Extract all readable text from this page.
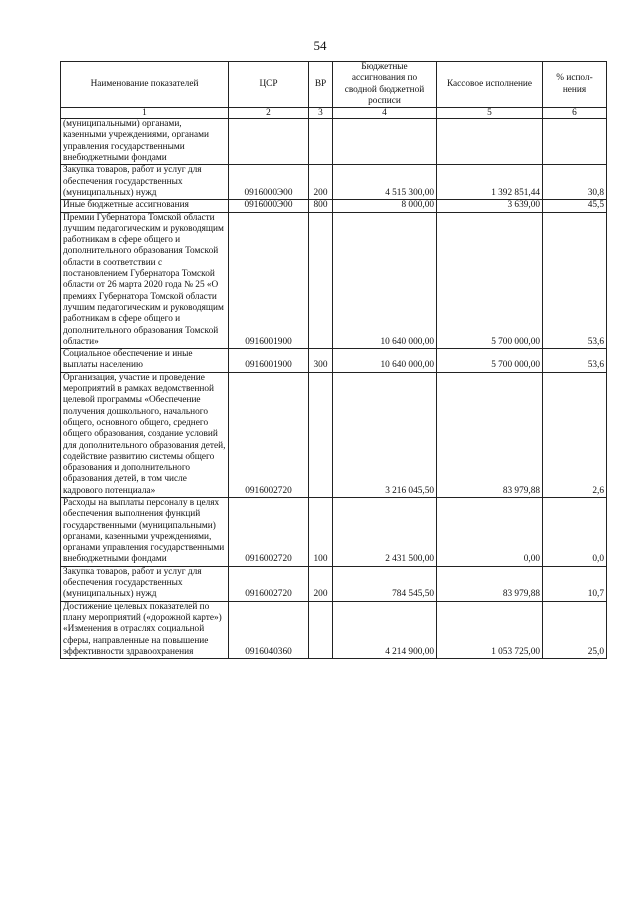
54
Наименование показателей	ЦСР	ВР	Бюджетные ассигнования по сводной бюджетной росписи	Кассовое исполнение	% испол-нения
1	2	3	4	5	6
(муниципальными) органами, казенными учреждениями, органами управления государственными внебюджетными фондами					
Закупка товаров, работ и услуг для обеспечения государственных (муниципальных) нужд	0916000Э00	200	4 515 300,00	1 392 851,44	30,8
Иные бюджетные ассигнования	0916000Э00	800	8 000,00	3 639,00	45,5
Премии Губернатора Томской области лучшим педагогическим и руководящим работникам в сфере общего и дополнительного образования Томской области в соответствии с постановлением Губернатора Томской области от 26 марта 2020 года № 25 «О премиях Губернатора Томской области лучшим педагогическим и руководящим работникам в сфере общего и дополнительного образования Томской области»	0916001900		10 640 000,00	5 700 000,00	53,6
Социальное обеспечение и иные выплаты населению	0916001900	300	10 640 000,00	5 700 000,00	53,6
Организация, участие и проведение мероприятий в рамках ведомственной целевой программы «Обеспечение получения дошкольного, начального общего, основного общего, среднего общего образования, создание условий для дополнительного образования детей, содействие развитию системы общего образования и дополнительного образования детей, в том числе кадрового потенциала»	0916002720		3 216 045,50	83 979,88	2,6
Расходы на выплаты персоналу в целях обеспечения выполнения функций государственными (муниципальными) органами, казенными учреждениями, органами управления государственными внебюджетными фондами	0916002720	100	2 431 500,00	0,00	0,0
Закупка товаров, работ и услуг для обеспечения государственных (муниципальных) нужд	0916002720	200	784 545,50	83 979,88	10,7
Достижение целевых показателей по плану мероприятий («дорожной карте») «Изменения в отраслях социальной сферы, направленные на повышение эффективности здравоохранения	0916040360		4 214 900,00	1 053 725,00	25,0
